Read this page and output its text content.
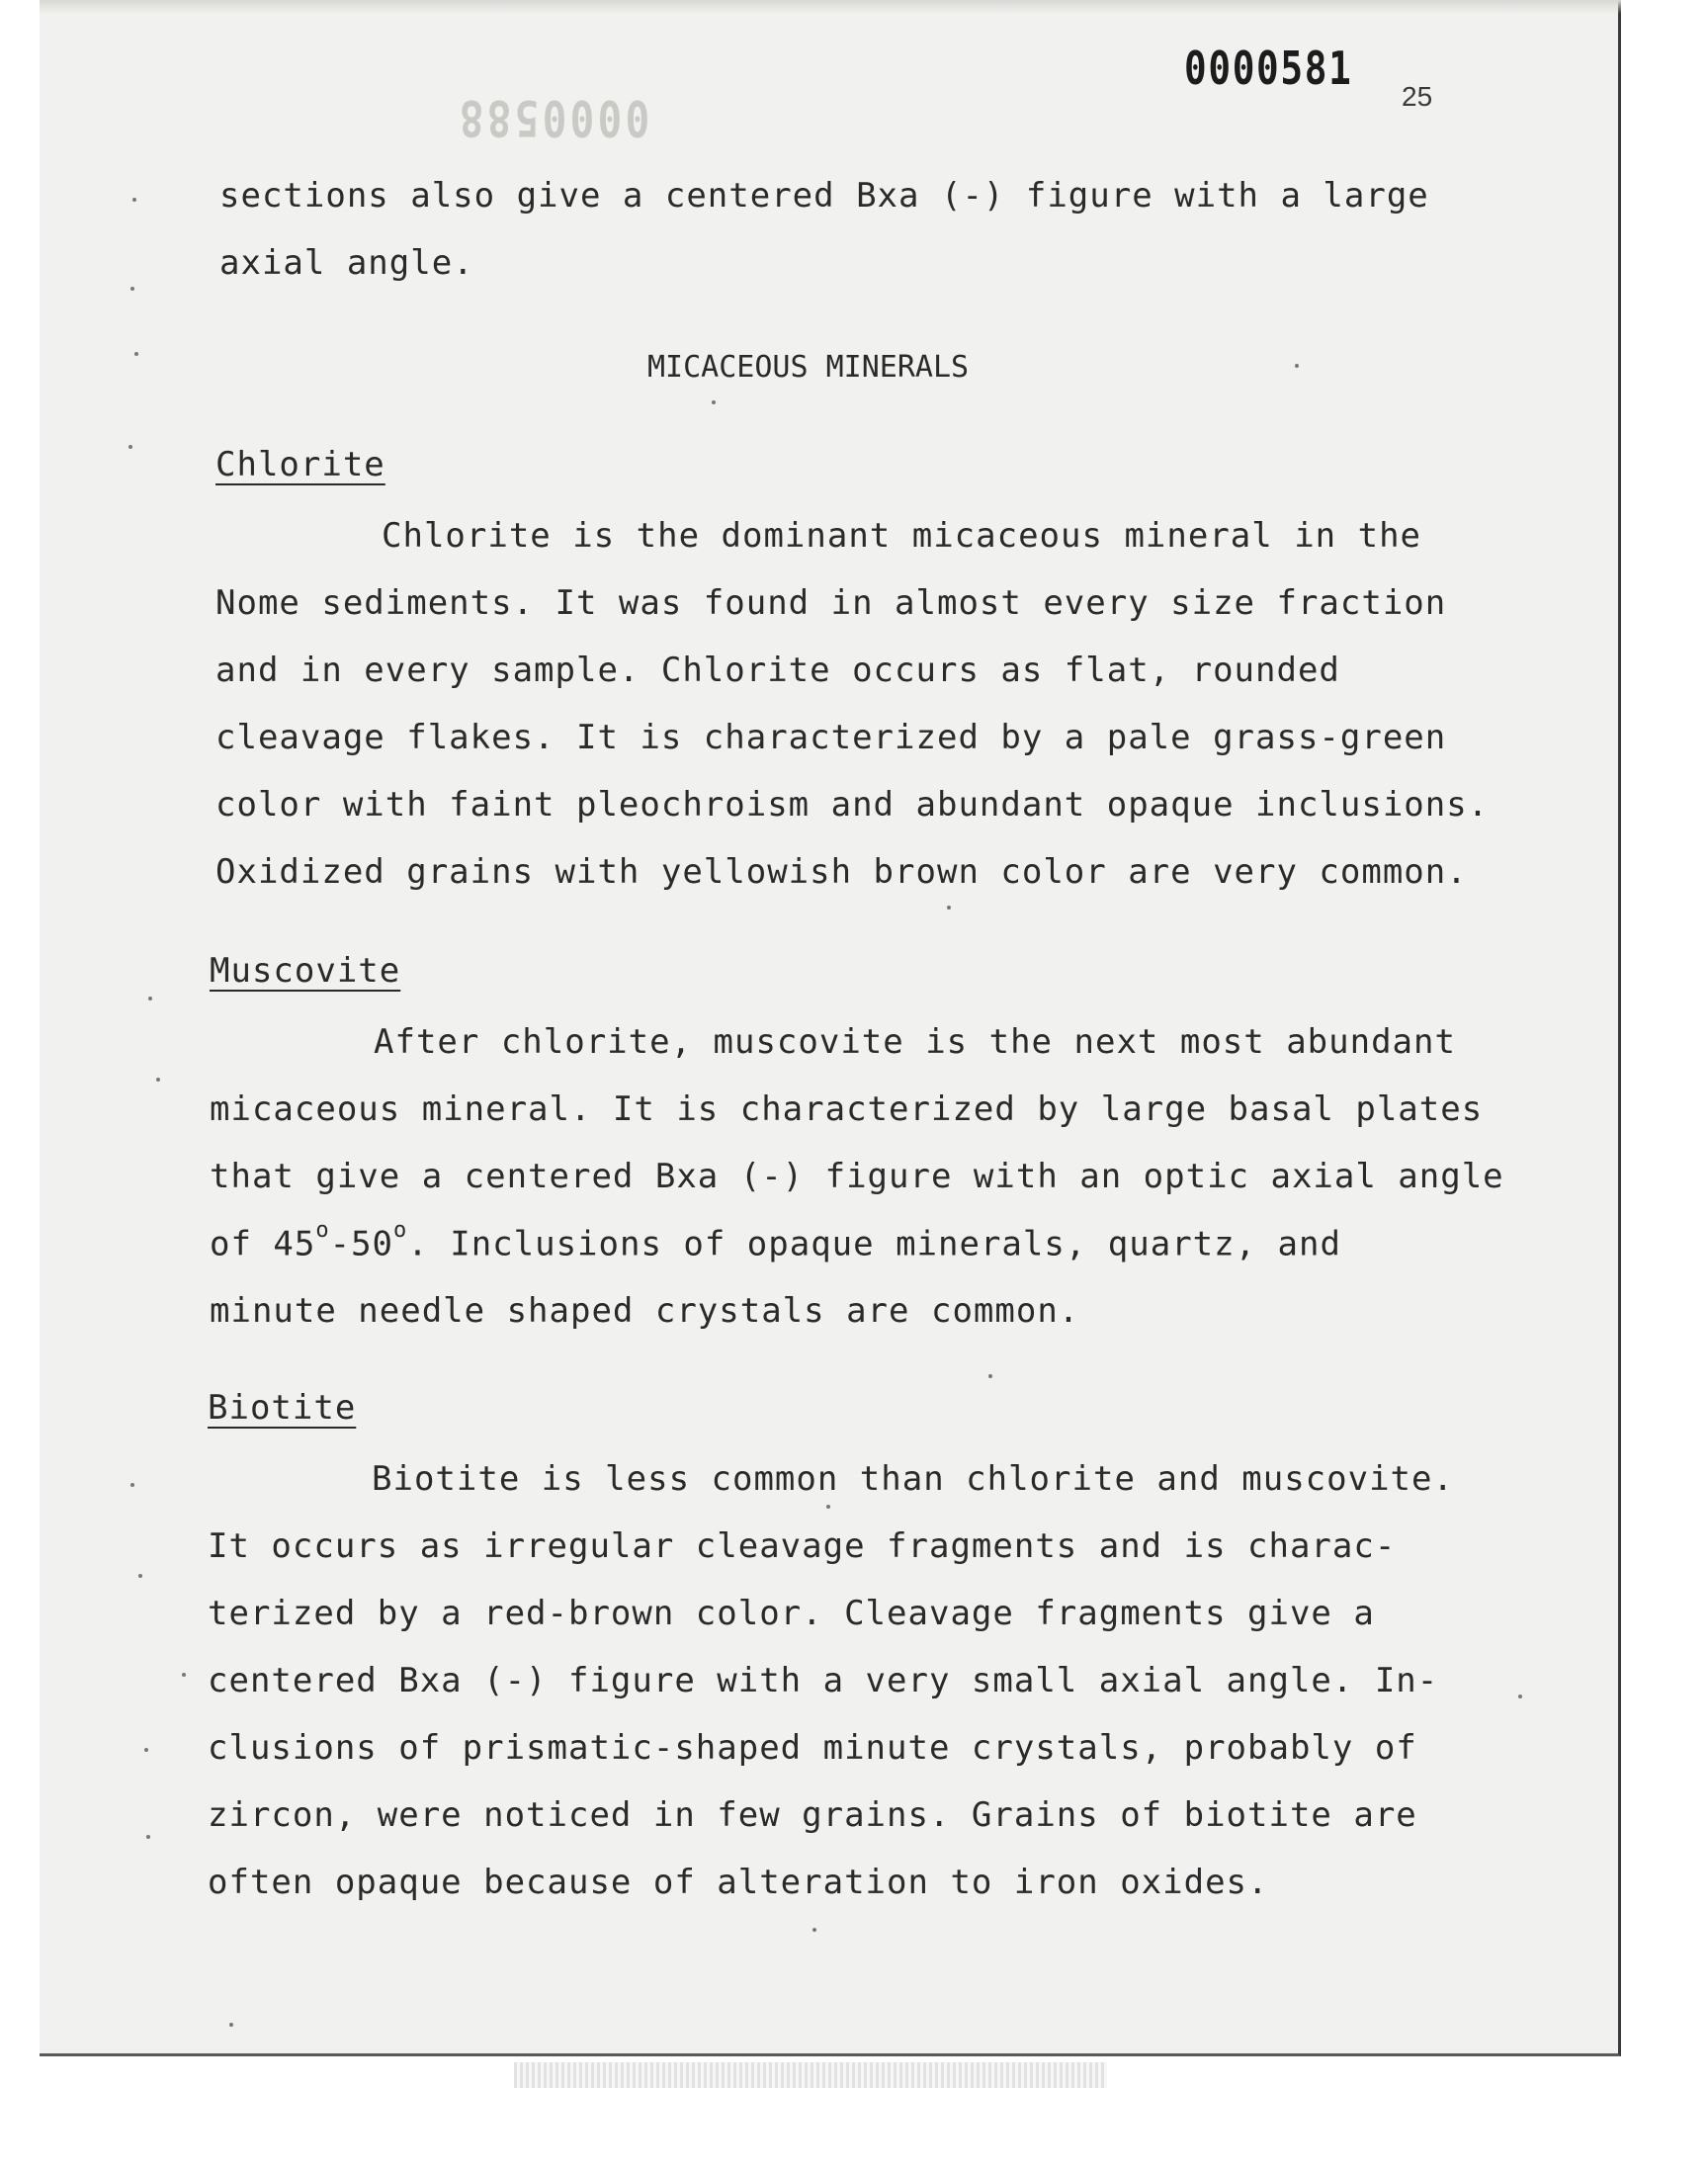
0000588
0000581
25
sections also give a centered Bxa (-) figure with a large
axial angle.
MICACEOUS MINERALS
Chlorite
Chlorite is the dominant micaceous mineral in the
Nome sediments. It was found in almost every size fraction
and in every sample. Chlorite occurs as flat, rounded
cleavage flakes. It is characterized by a pale grass-green
color with faint pleochroism and abundant opaque inclusions.
Oxidized grains with yellowish brown color are very common.
Muscovite
After chlorite, muscovite is the next most abundant
micaceous mineral. It is characterized by large basal plates
that give a centered Bxa (-) figure with an optic axial angle
of 45$^o$-50$^o$. Inclusions of opaque minerals, quartz, and
minute needle shaped crystals are common.
Biotite
Biotite is less common than chlorite and muscovite.
It occurs as irregular cleavage fragments and is charac-
terized by a red-brown color. Cleavage fragments give a
centered Bxa (-) figure with a very small axial angle. In-
clusions of prismatic-shaped minute crystals, probably of
zircon, were noticed in few grains. Grains of biotite are
often opaque because of alteration to iron oxides.
